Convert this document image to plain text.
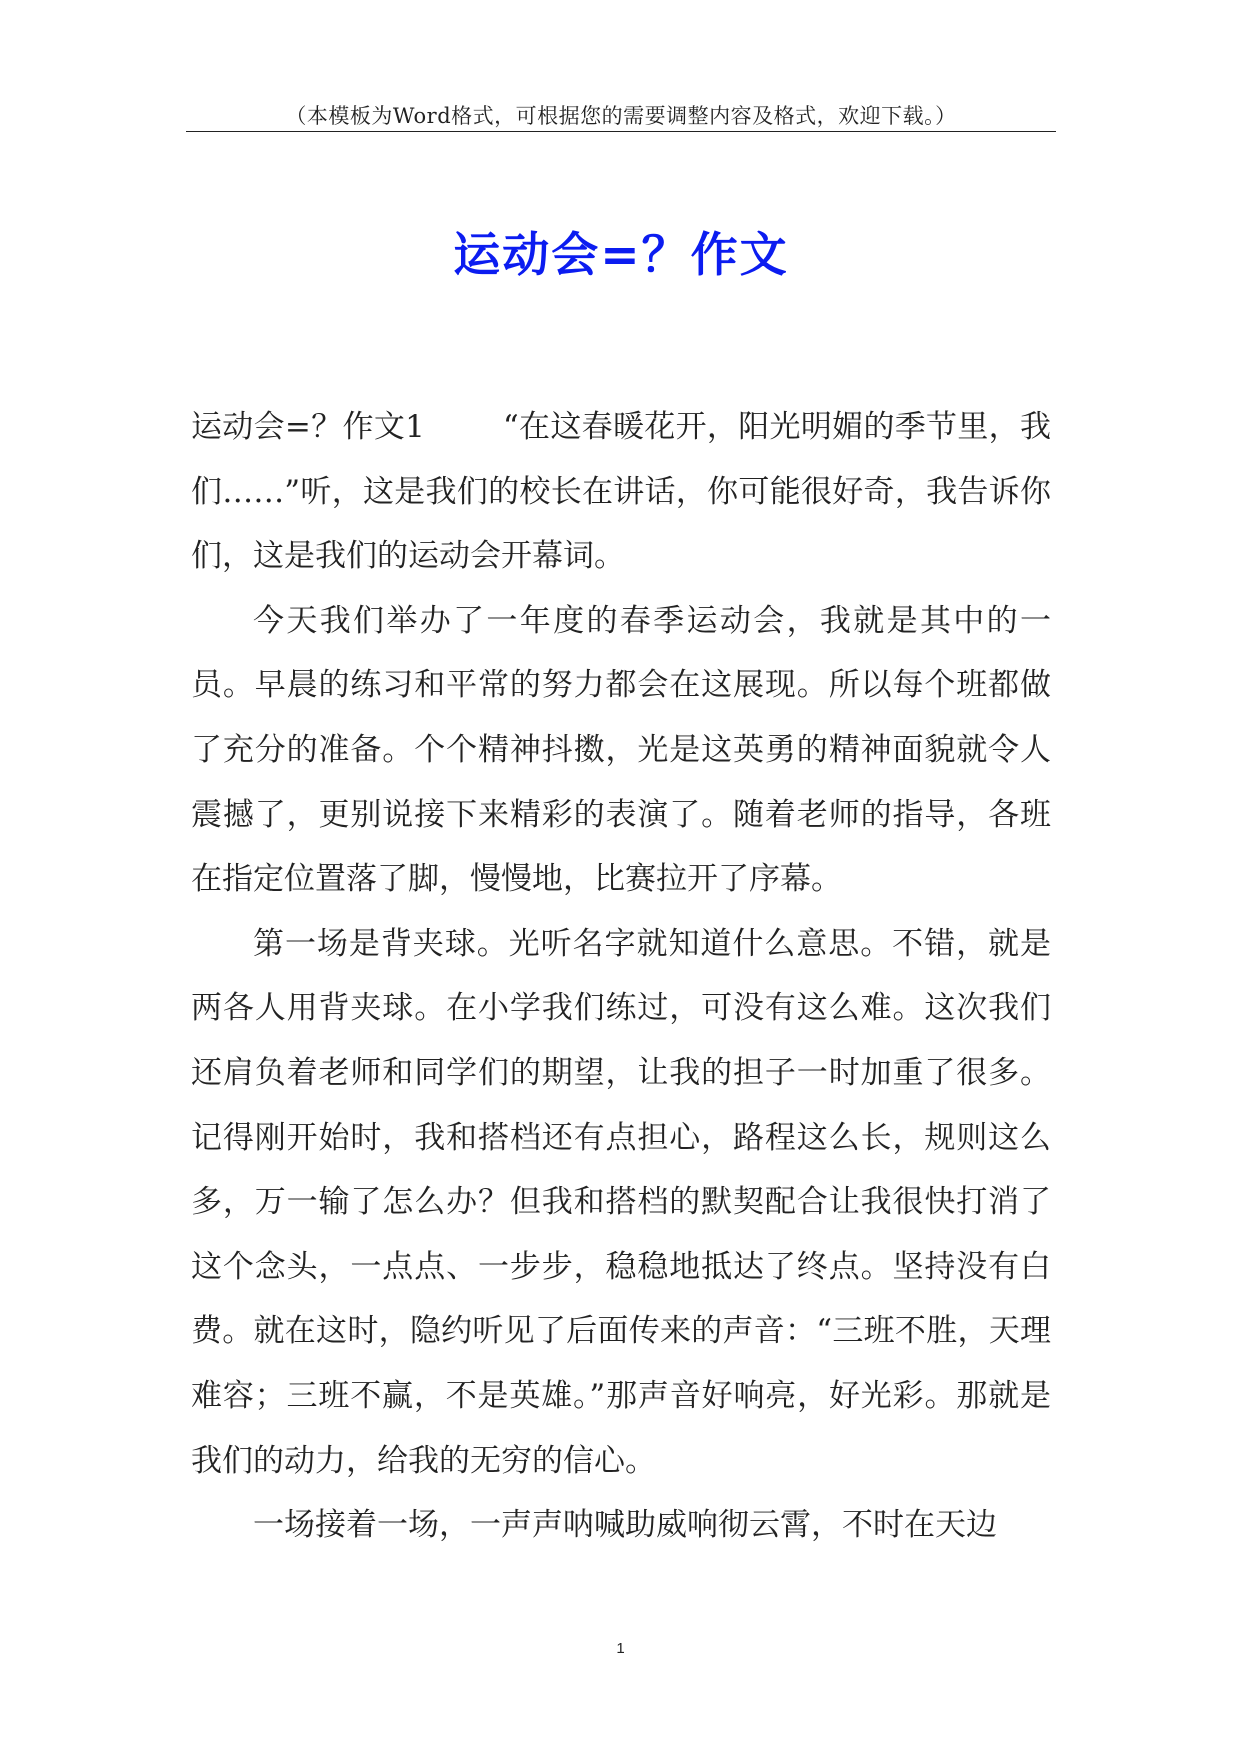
（本模板为Word格式，可根据您的需要调整内容及格式，欢迎下载。）
运动会=？作文

运动会=？作文1	“在这春暖花开，阳光明媚的季节里，我们……”听，这是我们的校长在讲话，你可能很好奇，我告诉你们，这是我们的运动会开幕词。

今天我们举办了一年度的春季运动会，我就是其中的一员。早晨的练习和平常的努力都会在这展现。所以每个班都做了充分的准备。个个精神抖擞，光是这英勇的精神面貌就令人震撼了，更别说接下来精彩的表演了。随着老师的指导，各班在指定位置落了脚，慢慢地，比赛拉开了序幕。

第一场是背夹球。光听名字就知道什么意思。不错，就是两各人用背夹球。在小学我们练过，可没有这么难。这次我们还肩负着老师和同学们的期望，让我的担子一时加重了很多。记得刚开始时，我和搭档还有点担心，路程这么长，规则这么多，万一输了怎么办？但我和搭档的默契配合让我很快打消了这个念头，一点点、一步步，稳稳地抵达了终点。坚持没有白费。就在这时，隐约听见了后面传来的声音：“三班不胜，天理难容；三班不赢，不是英雄。”那声音好响亮，好光彩。那就是我们的动力，给我的无穷的信心。

一场接着一场，一声声呐喊助威响彻云霄，不时在天边

1
